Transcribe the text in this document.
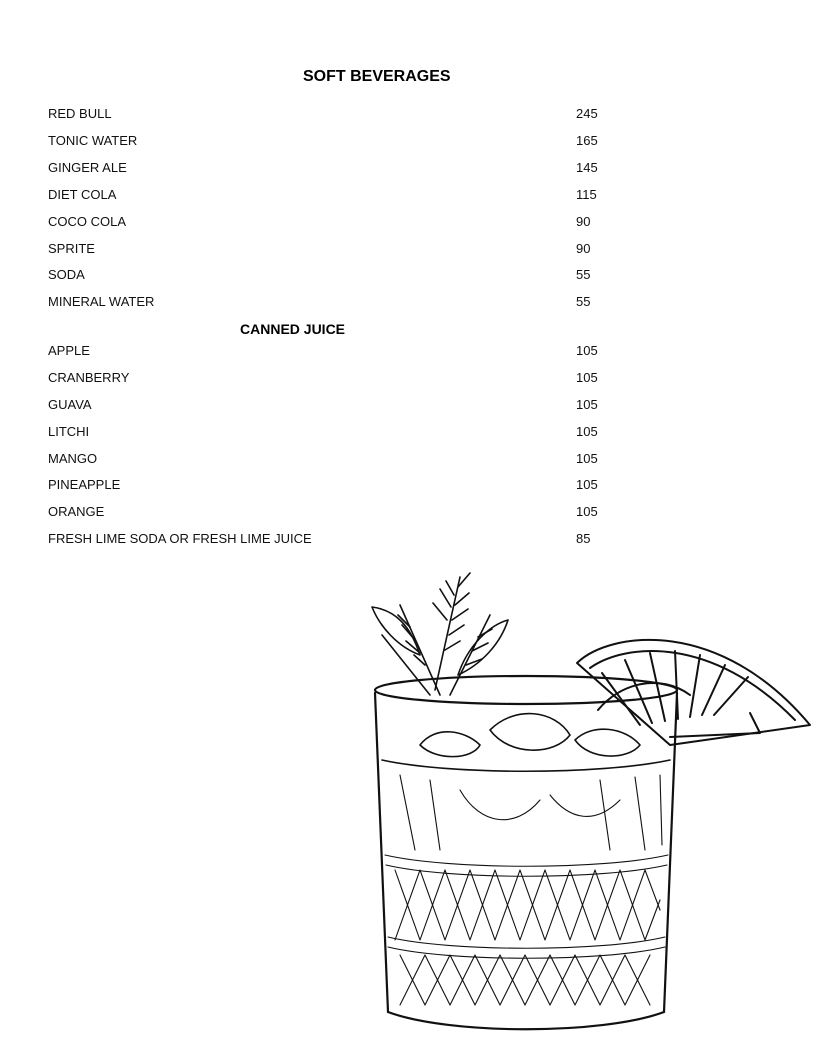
SOFT BEVERAGES
RED BULL	245
TONIC WATER	165
GINGER ALE	145
DIET COLA	115
COCO COLA	90
SPRITE	90
SODA	55
MINERAL WATER	55
CANNED JUICE
APPLE	105
CRANBERRY	105
GUAVA	105
LITCHI	105
MANGO	105
PINEAPPLE	105
ORANGE	105
FRESH LIME SODA OR FRESH LIME JUICE	85
